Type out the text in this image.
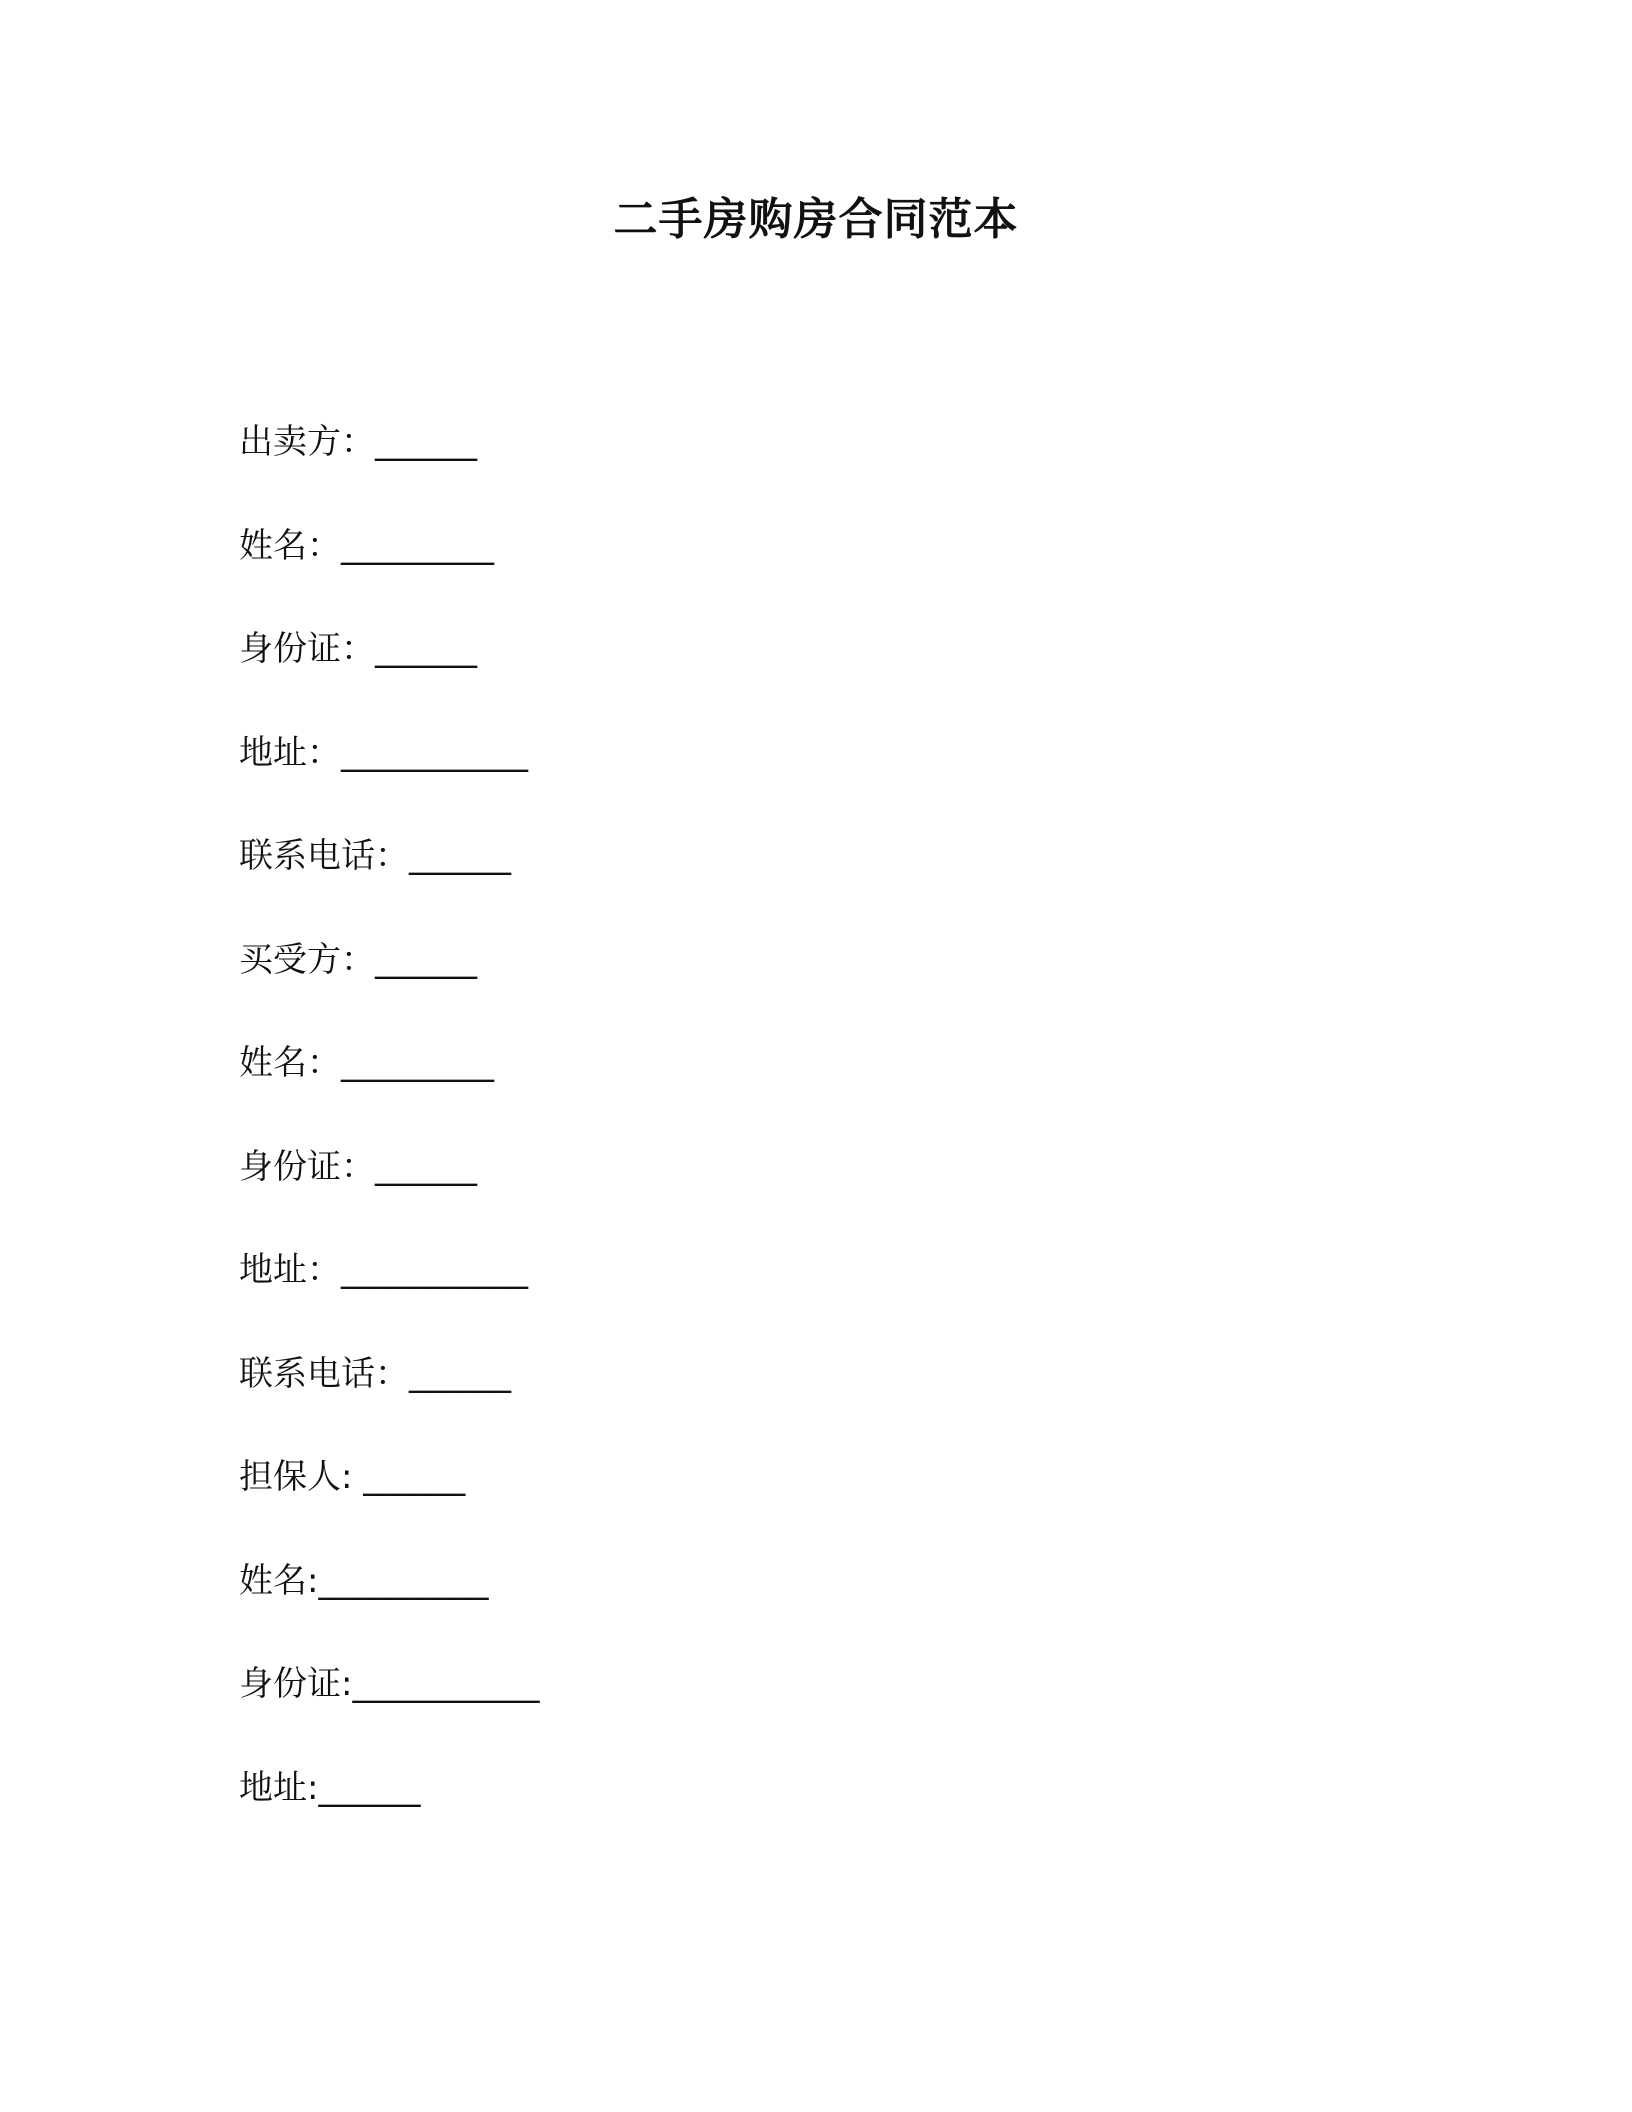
二手房购房合同范本
出卖方：______
姓名：_________
身份证：______
地址：___________
联系电话：______
买受方：______
姓名：_________
身份证：______
地址：___________
联系电话：______
担保人: ______
姓名:__________
身份证:___________
地址:______
